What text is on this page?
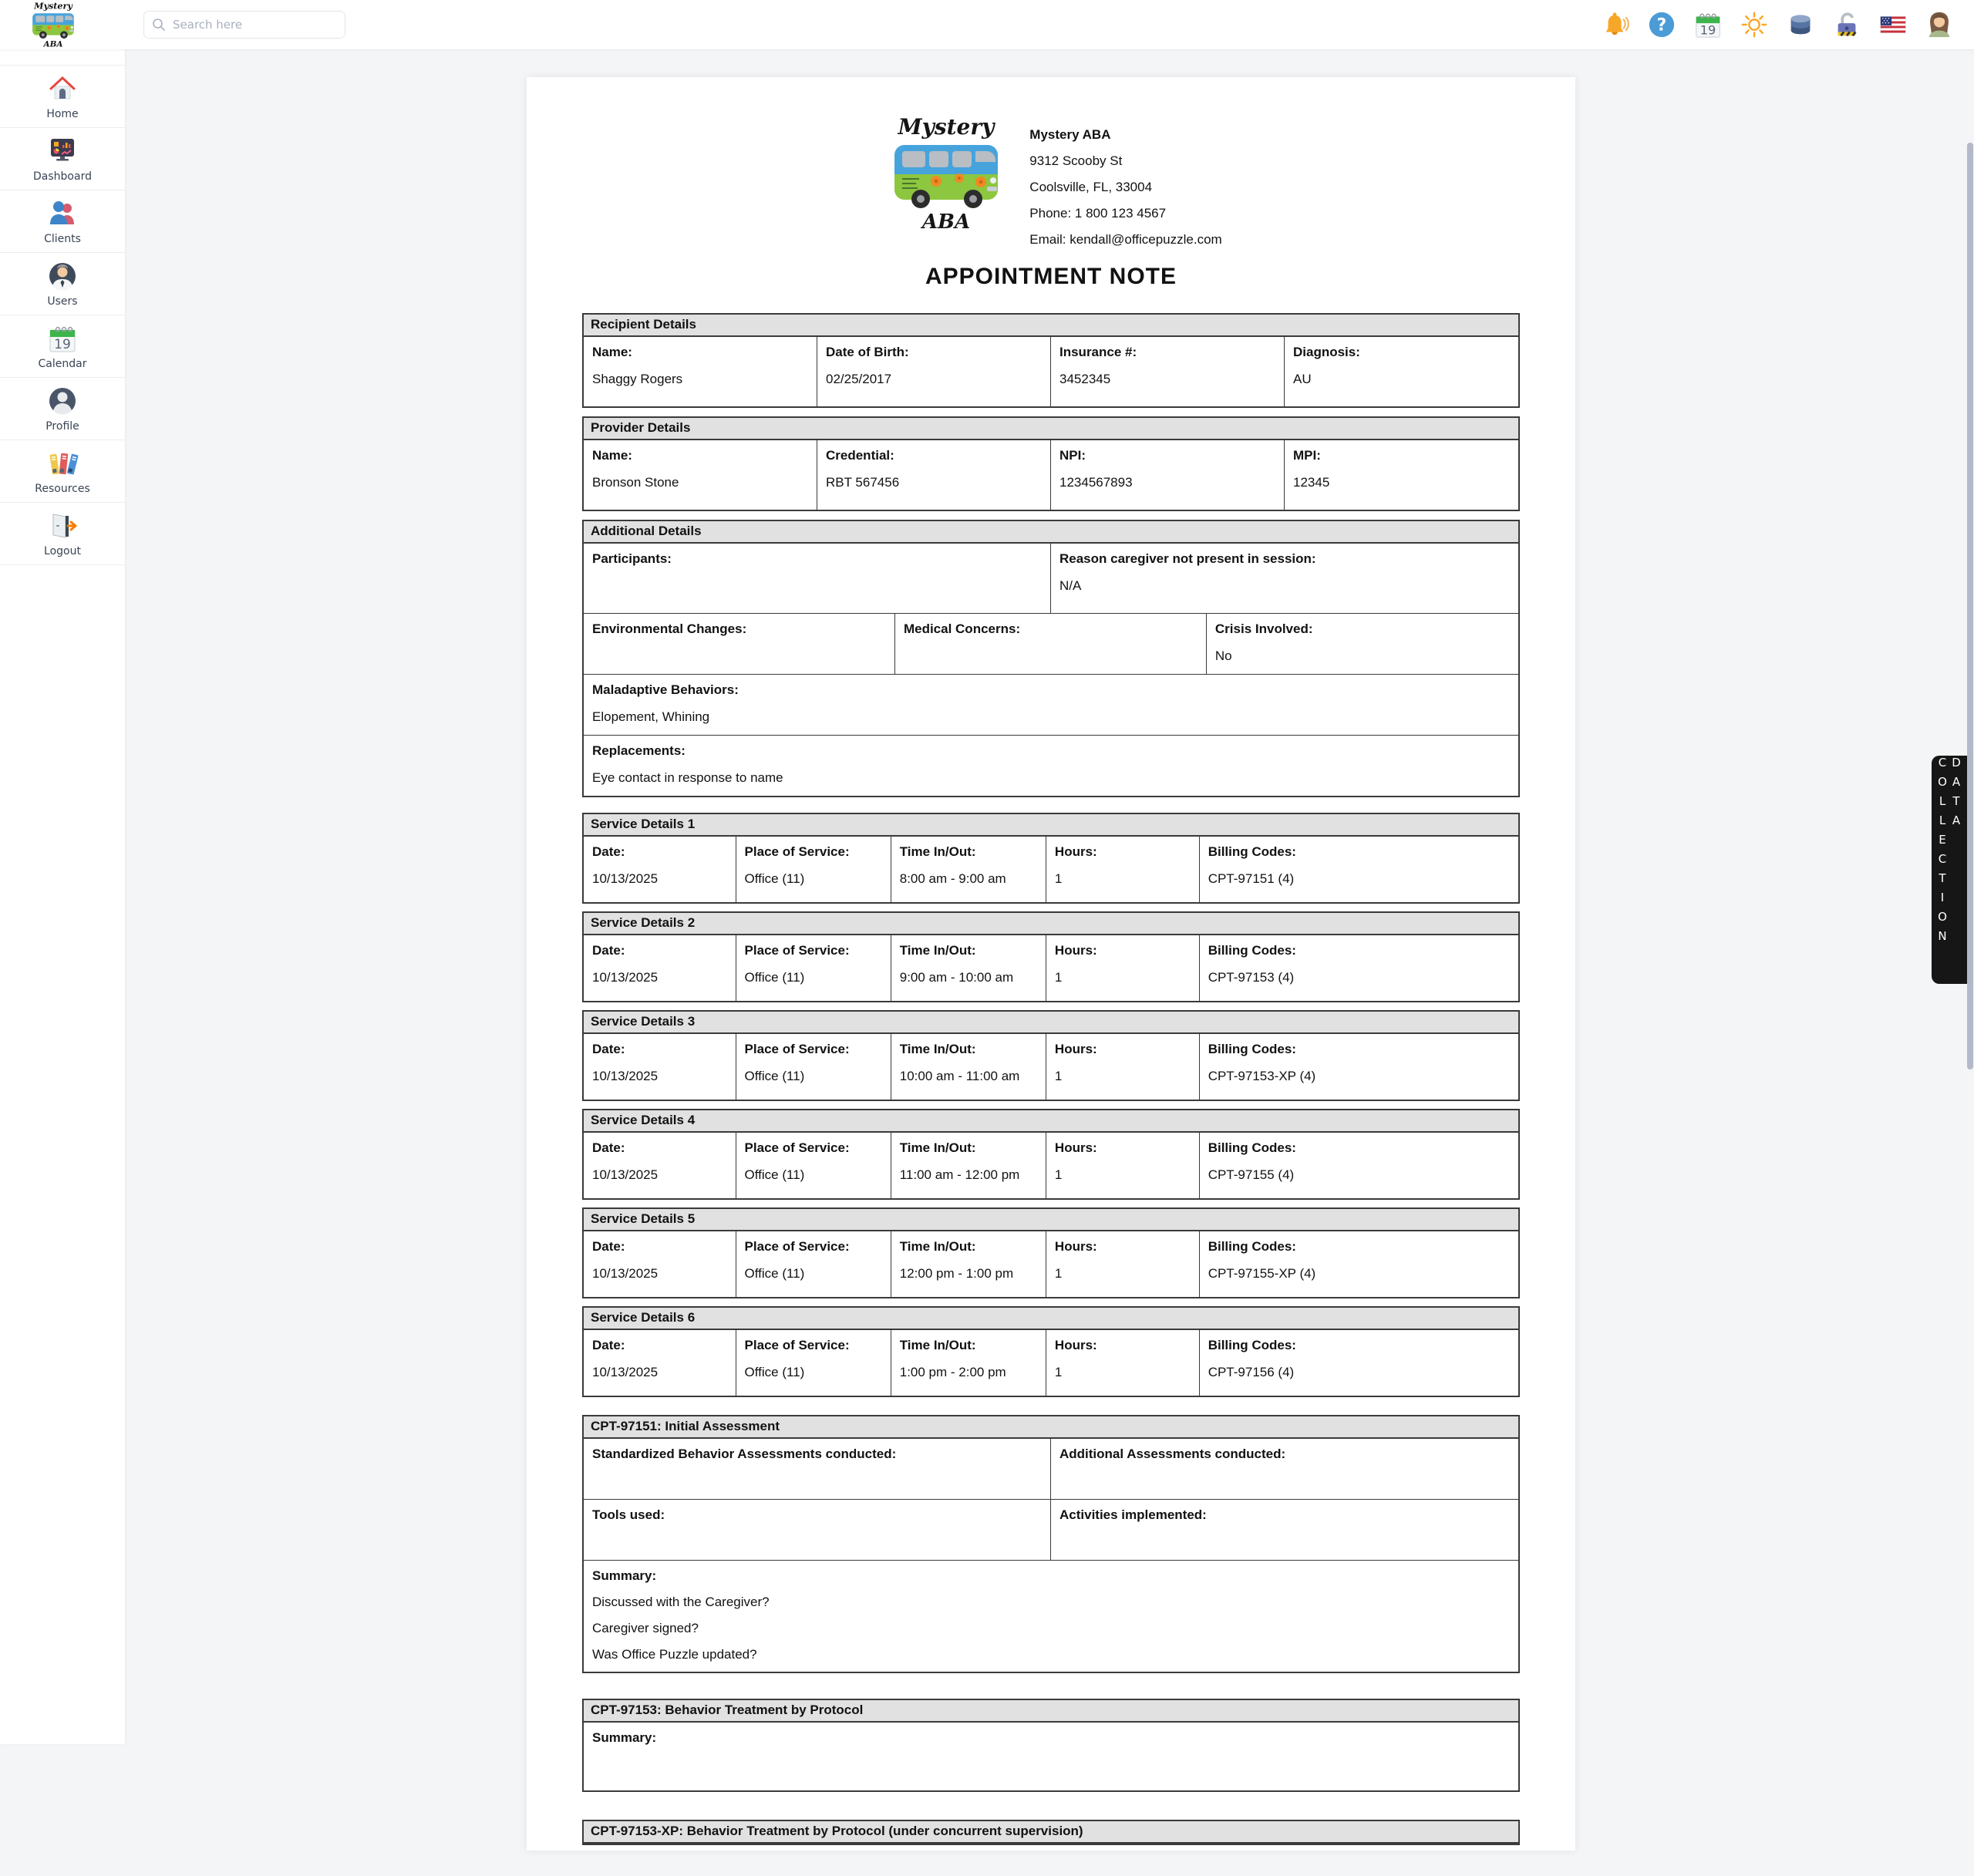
Search here
?	19
Home
Dashboard
Clients
Users
19
Calendar
Profile
Resources
Logout
Mystery ABA
9312 Scooby St
Coolsville, FL, 33004
Phone: 1 800 123 4567
Email: kendall@officepuzzle.com
APPOINTMENT NOTE
Recipient Details
Name:
Shaggy Rogers
Date of Birth:
02/25/2017
Insurance #:
3452345
Diagnosis:
AU
Provider Details
Name:
Bronson Stone
Credential:
RBT 567456
NPI:
1234567893
MPI:
12345
Additional Details
Participants:	Reason caregiver not present in session:
N/A
Environmental Changes:	Medical Concerns:	Crisis Involved:
No
Maladaptive Behaviors:
Elopement, Whining
Replacements:
Eye contact in response to name
Service Details 1
Date:
10/13/2025
Place of Service:
Office (11)
Time In/Out:
8:00 am - 9:00 am
Hours:
1
Billing Codes:
CPT-97151 (4)
Service Details 2
Date:
10/13/2025
Place of Service:
Office (11)
Time In/Out:
9:00 am - 10:00 am
Hours:
1
Billing Codes:
CPT-97153 (4)
Service Details 3
Date:
10/13/2025
Place of Service:
Office (11)
Time In/Out:
10:00 am - 11:00 am
Hours:
1
Billing Codes:
CPT-97153-XP (4)
Service Details 4
Date:
10/13/2025
Place of Service:
Office (11)
Time In/Out:
11:00 am - 12:00 pm
Hours:
1
Billing Codes:
CPT-97155 (4)
Service Details 5
Date:
10/13/2025
Place of Service:
Office (11)
Time In/Out:
12:00 pm - 1:00 pm
Hours:
1
Billing Codes:
CPT-97155-XP (4)
Service Details 6
Date:
10/13/2025
Place of Service:
Office (11)
Time In/Out:
1:00 pm - 2:00 pm
Hours:
1
Billing Codes:
CPT-97156 (4)
CPT-97151: Initial Assessment
Standardized Behavior Assessments conducted:	Additional Assessments conducted:
Tools used:	Activities implemented:
Summary:
Discussed with the Caregiver?
Caregiver signed?
Was Office Puzzle updated?
CPT-97153: Behavior Treatment by Protocol
Summary:
CPT-97153-XP: Behavior Treatment by Protocol (under concurrent supervision)
DATA COLLECTION
